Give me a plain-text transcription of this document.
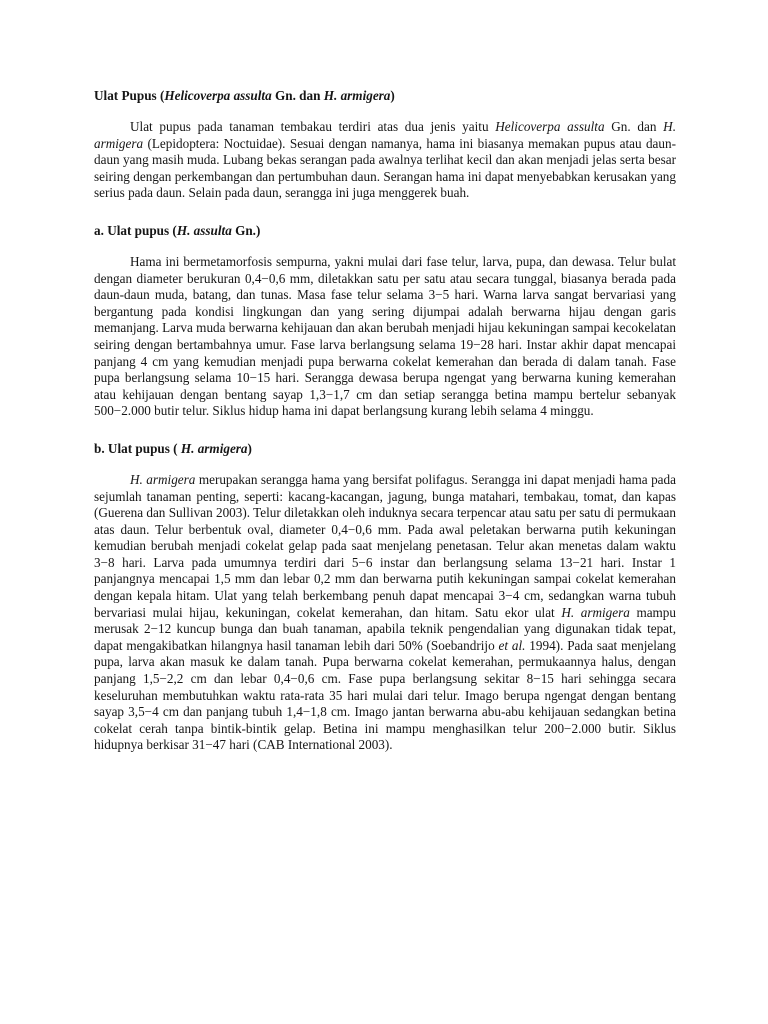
Ulat Pupus (Helicoverpa assulta Gn. dan H. armigera)

Ulat pupus pada tanaman tembakau terdiri atas dua jenis yaitu Helicoverpa assulta Gn. dan H. armigera (Lepidoptera: Noctuidae). Sesuai dengan namanya, hama ini biasanya memakan pupus atau daun-daun yang masih muda. Lubang bekas serangan pada awalnya terlihat kecil dan akan menjadi jelas serta besar seiring dengan perkembangan dan pertumbuhan daun. Serangan hama ini dapat menyebabkan kerusakan yang serius pada daun. Selain pada daun, serangga ini juga menggerek buah.

a. Ulat pupus (H. assulta Gn.)

Hama ini bermetamorfosis sempurna, yakni mulai dari fase telur, larva, pupa, dan dewasa. Telur bulat dengan diameter berukuran 0,4−0,6 mm, diletakkan satu per satu atau secara tunggal, biasanya berada pada daun-daun muda, batang, dan tunas. Masa fase telur selama 3−5 hari. Warna larva sangat bervariasi yang bergantung pada kondisi lingkungan dan yang sering dijumpai adalah berwarna hijau dengan garis memanjang. Larva muda berwarna kehijauan dan akan berubah menjadi hijau kekuningan sampai kecokelatan seiring dengan bertambahnya umur. Fase larva berlangsung selama 19−28 hari. Instar akhir dapat mencapai panjang 4 cm yang kemudian menjadi pupa berwarna cokelat kemerahan dan berada di dalam tanah. Fase pupa berlangsung selama 10−15 hari. Serangga dewasa berupa ngengat yang berwarna kuning kemerahan atau kehijauan dengan bentang sayap 1,3−1,7 cm dan setiap serangga betina mampu bertelur sebanyak 500−2.000 butir telur. Siklus hidup hama ini dapat berlangsung kurang lebih selama 4 minggu.

b. Ulat pupus ( H. armigera)

H. armigera merupakan serangga hama yang bersifat polifagus. Serangga ini dapat menjadi hama pada sejumlah tanaman penting, seperti: kacang-kacangan, jagung, bunga matahari, tembakau, tomat, dan kapas (Guerena dan Sullivan 2003). Telur diletakkan oleh induknya secara terpencar atau satu per satu di permukaan atas daun. Telur berbentuk oval, diameter 0,4−0,6 mm. Pada awal peletakan berwarna putih kekuningan kemudian berubah menjadi cokelat gelap pada saat menjelang penetasan. Telur akan menetas dalam waktu 3−8 hari. Larva pada umumnya terdiri dari 5−6 instar dan berlangsung selama 13−21 hari. Instar 1 panjangnya mencapai 1,5 mm dan lebar 0,2 mm dan berwarna putih kekuningan sampai cokelat kemerahan dengan kepala hitam. Ulat yang telah berkembang penuh dapat mencapai 3−4 cm, sedangkan warna tubuh bervariasi mulai hijau, kekuningan, cokelat kemerahan, dan hitam. Satu ekor ulat H. armigera mampu merusak 2−12 kuncup bunga dan buah tanaman, apabila teknik pengendalian yang digunakan tidak tepat, dapat mengakibatkan hilangnya hasil tanaman lebih dari 50% (Soebandrijo et al. 1994). Pada saat menjelang pupa, larva akan masuk ke dalam tanah. Pupa berwarna cokelat kemerahan, permukaannya halus, dengan panjang 1,5−2,2 cm dan lebar 0,4−0,6 cm. Fase pupa berlangsung sekitar 8−15 hari sehingga secara keseluruhan membutuhkan waktu rata-rata 35 hari mulai dari telur. Imago berupa ngengat dengan bentang sayap 3,5−4 cm dan panjang tubuh 1,4−1,8 cm. Imago jantan berwarna abu-abu kehijauan sedangkan betina cokelat cerah tanpa bintik-bintik gelap. Betina ini mampu menghasilkan telur 200−2.000 butir. Siklus hidupnya berkisar 31−47 hari (CAB International 2003).
